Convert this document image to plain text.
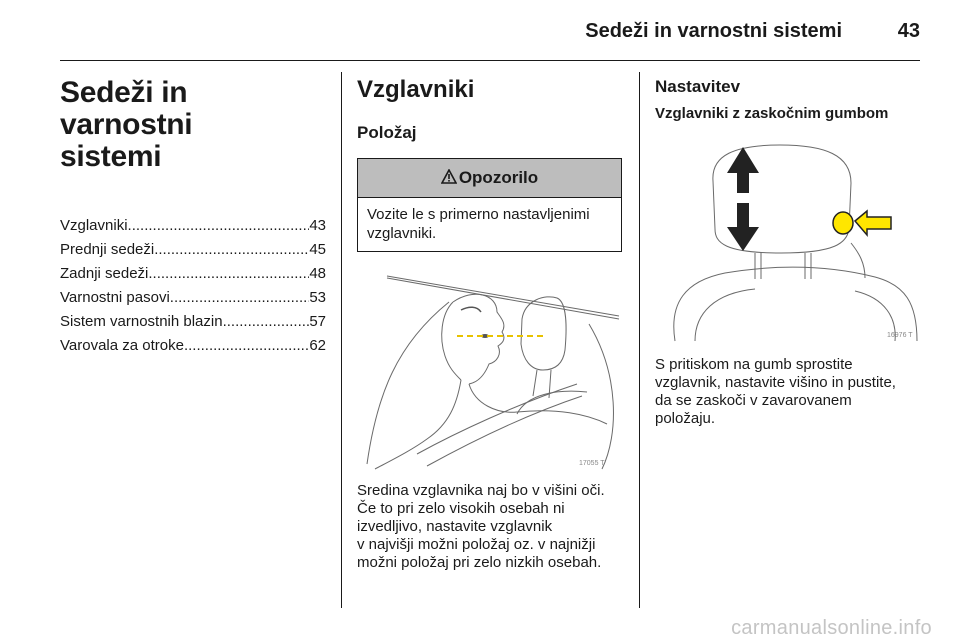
Sedeži in varnostni sistemi	43
Sedeži in varnostni
sistemi
Vzglavniki .....	43
Prednji sedeži .....	45
Zadnji sedeži .....	48
Varnostni pasovi .....	53
Sistem varnostnih blazin .....	57
Varovala za otroke .....	62
Vzglavniki
Položaj
Opozorilo
Vozite le s primerno nastavljenimi vzglavniki.
17055 T

Sredina vzglavnika naj bo v višini oči.
Če to pri zelo visokih osebah ni
izvedljivo, nastavite vzglavnik
v najvišji možni položaj oz. v najnižji
možni položaj pri zelo nizkih osebah.

Nastavitev
Vzglavniki z zaskočnim gumbom
16976 T

S pritiskom na gumb sprostite
vzglavnik, nastavite višino in pustite,
da se zaskoči v zavarovanem
položaju.

carmanualsonline.info
